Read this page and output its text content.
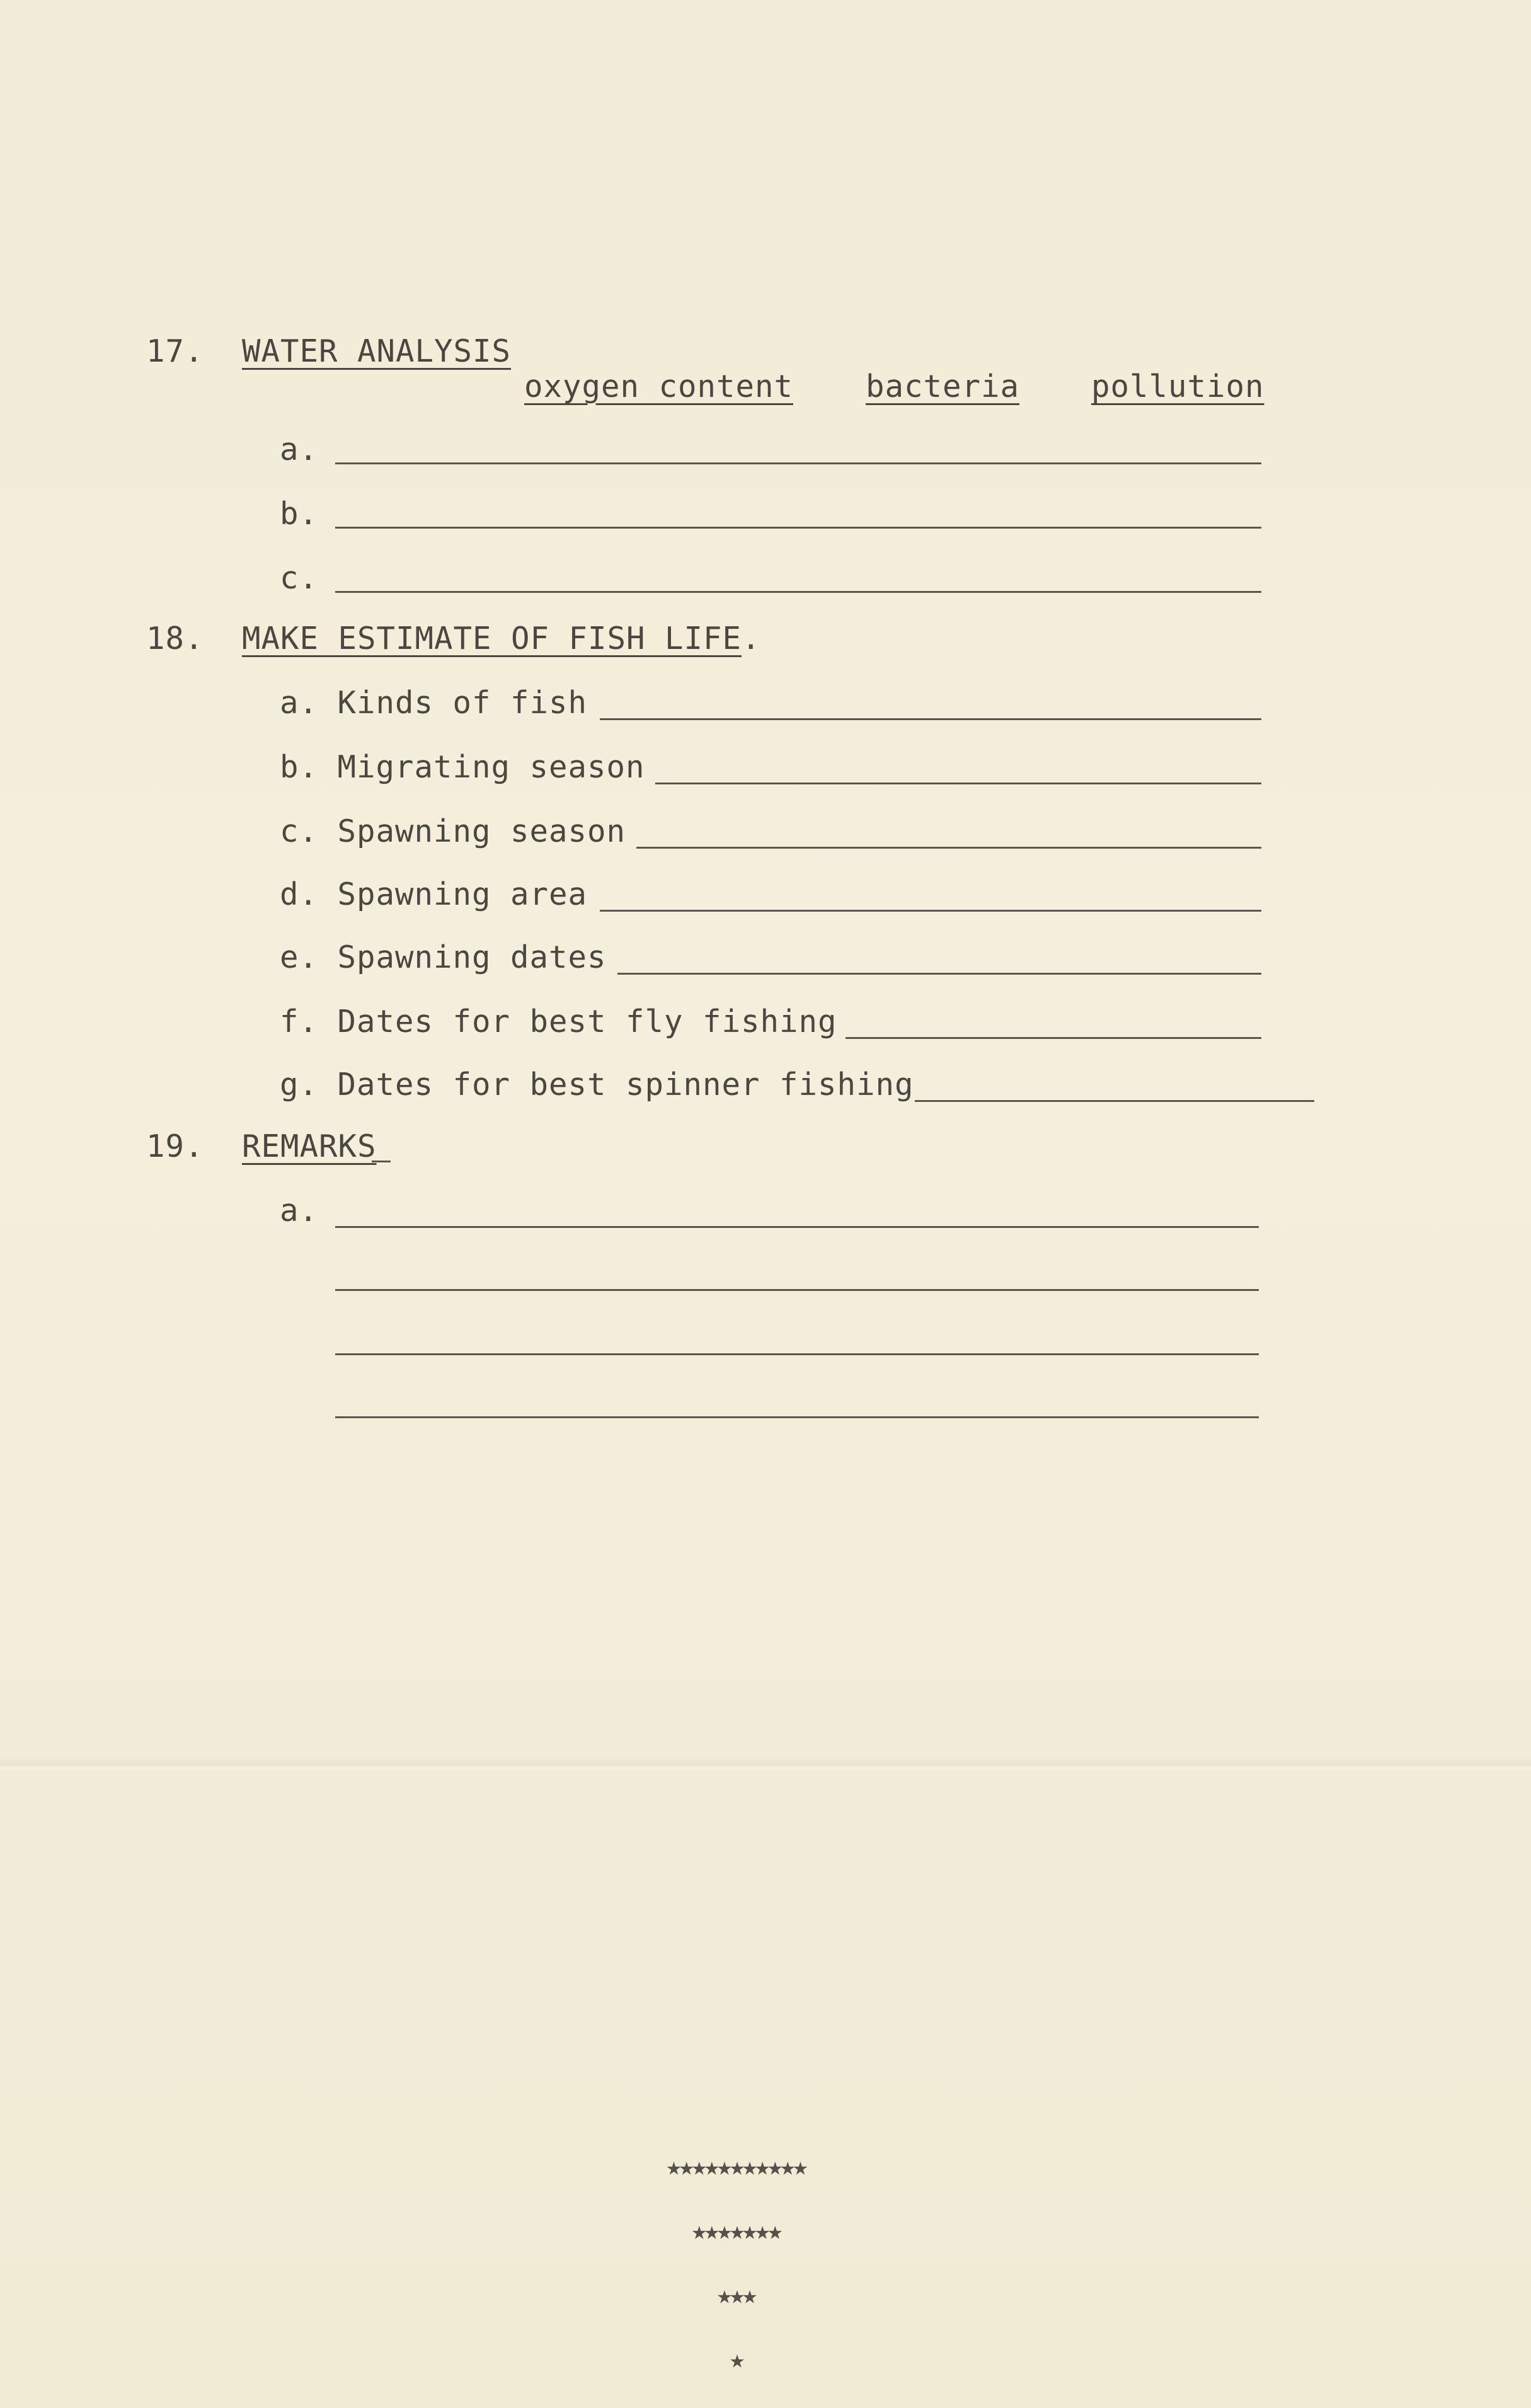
17. WATER ANALYSIS
oxygen content bacteria pollution
a.
b.
c.
18. MAKE ESTIMATE OF FISH LIFE.
a. Kinds of fish
b. Migrating season
c. Spawning season
d. Spawning area
e. Spawning dates
f. Dates for best fly fishing
g. Dates for best spinner fishing
19. REMARKS
a.
★★★★★★★★★★★
★★★★★★★
★★★
★
